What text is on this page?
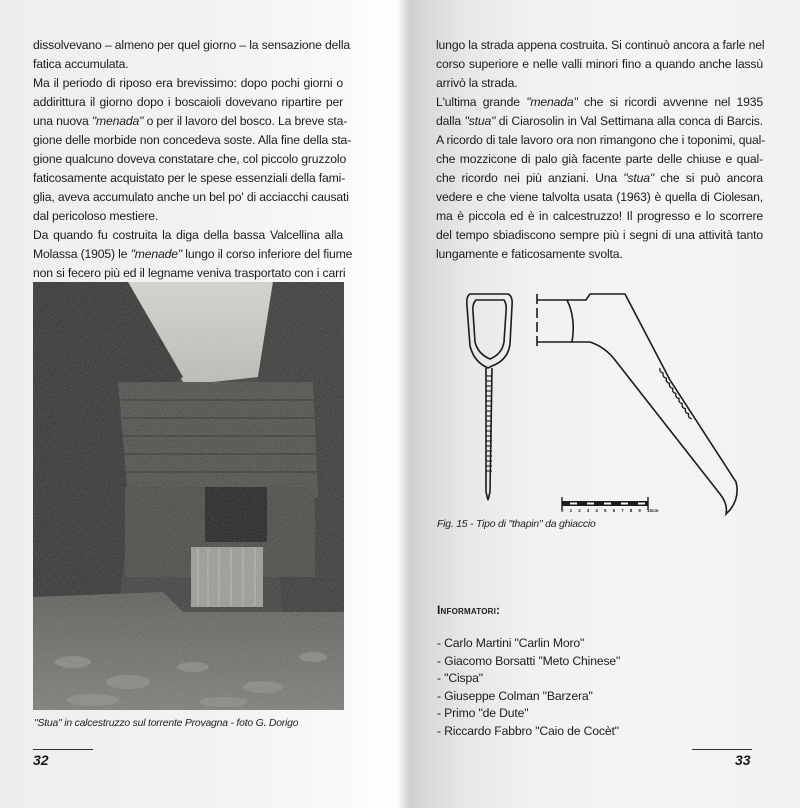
dissolvevano – almeno per quel giorno – la sensazione della
fatica accumulata.

Ma il periodo di riposo era brevissimo: dopo pochi giorni o
addirittura il giorno dopo i boscaioli dovevano ripartire per
una nuova "menada" o per il lavoro del bosco. La breve sta-
gione delle morbide non concedeva soste. Alla fine della sta-
gione qualcuno doveva constatare che, col piccolo gruzzolo
faticosamente acquistato per le spese essenziali della fami-
glia, aveva accumulato anche un bel po' di acciacchi causati
dal pericoloso mestiere.

Da quando fu costruita la diga della bassa Valcellina alla
Molassa (1905) le "menade" lungo il corso inferiore del fiume
non si fecero più ed il legname veniva trasportato con i carri

"Stua" in calcestruzzo sul torrente Provagna - foto G. Dorigo
32

lungo la strada appena costruita. Si continuò ancora a farle nel
corso superiore e nelle valli minori fino a quando anche lassù
arrivò la strada.

L'ultima grande "menada" che si ricordi avvenne nel 1935
dalla "stua" di Ciarosolin in Val Settimana alla conca di Barcis.
A ricordo di tale lavoro ora non rimangono che i toponimi, qual-
che mozzicone di palo già facente parte delle chiuse e qual-
che ricordo nei più anziani. Una "stua" che si può ancora
vedere e che viene talvolta usata (1963) è quella di Ciolesan,
ma è piccola ed è in calcestruzzo! Il progresso e lo scorrere
del tempo sbiadiscono sempre più i segni di una attività tanto
lungamente e faticosamente svolta.

0 1 2 3 4 5 6 7 8 9 10 cm
Fig. 15 - Tipo di "thapin" da ghiaccio
Informatori:
- Carlo Martini "Carlin Moro"
- Giacomo Borsatti "Meto Chinese"
- "Cispa"
- Giuseppe Colman "Barzera"
- Primo "de Dute"
- Riccardo Fabbro "Caio de Cocèt"
33
